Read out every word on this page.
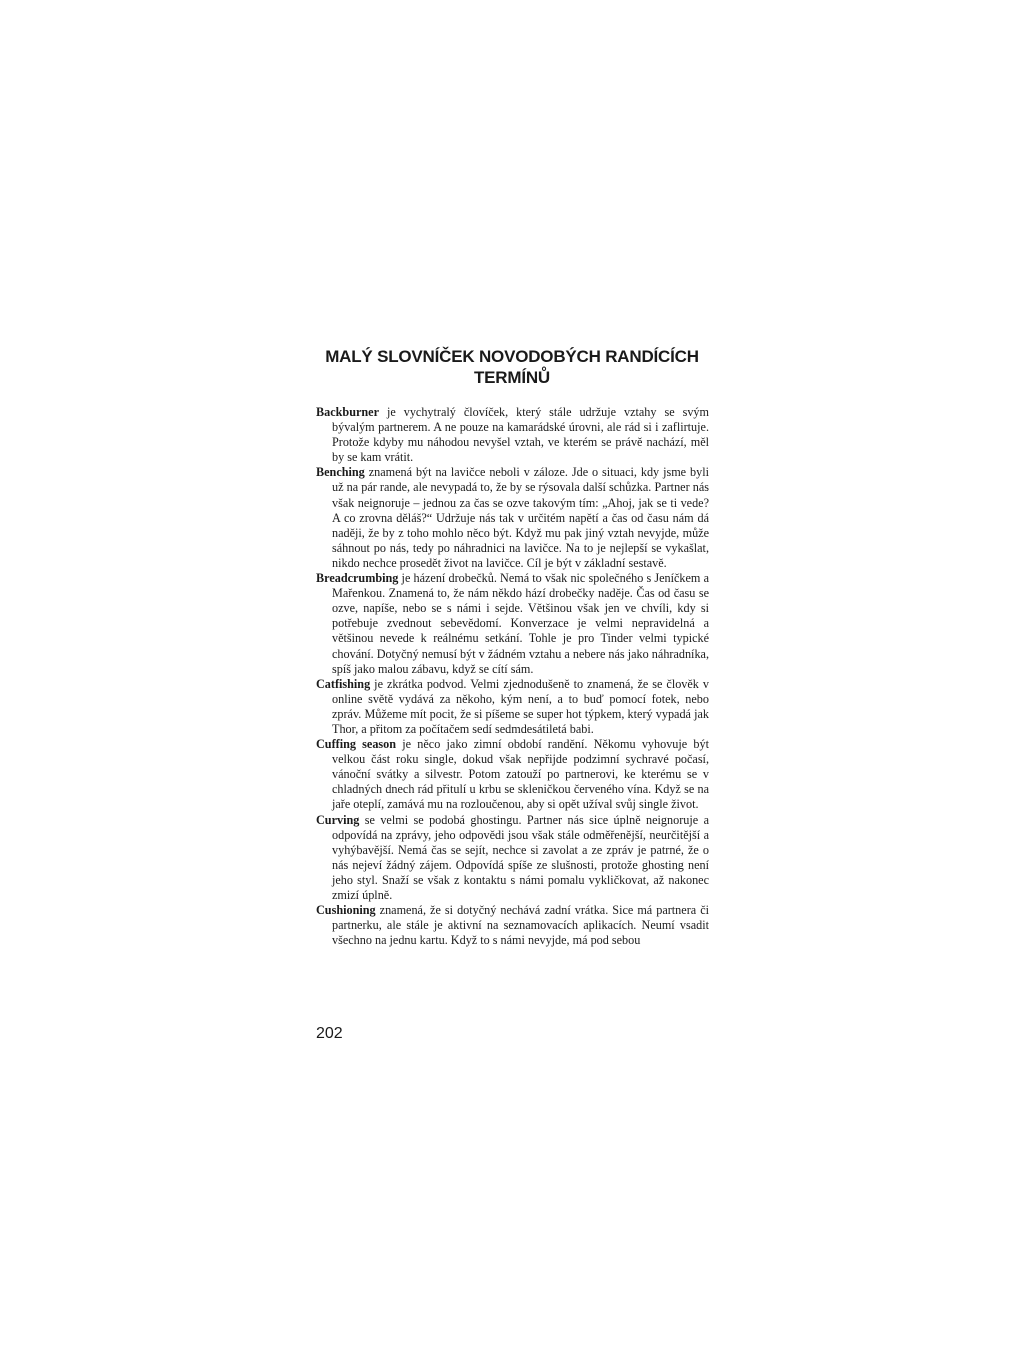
MALÝ SLOVNÍČEK NOVODOBÝCH RANDÍCÍCH
TERMÍNŮ

Backburner je vychytralý človíček, který stále udržuje vztahy se svým bývalým partnerem. A ne pouze na kamarádské úrovni, ale rád si i zaflirtuje. Protože kdyby mu náhodou nevyšel vztah, ve kterém se právě nachází, měl by se kam vrátit.

Benching znamená být na lavičce neboli v záloze. Jde o situaci, kdy jsme byli už na pár rande, ale nevypadá to, že by se rýsovala další schůzka. Partner nás však neignoruje – jednou za čas se ozve takovým tím: „Ahoj, jak se ti vede? A co zrovna děláš?“ Udržuje nás tak v určitém napětí a čas od času nám dá naději, že by z toho mohlo něco být. Když mu pak jiný vztah nevyjde, může sáhnout po nás, tedy po náhradnici na lavičce. Na to je nejlepší se vykašlat, nikdo nechce prosedět život na lavičce. Cíl je být v základní sestavě.

Breadcrumbing je házení drobečků. Nemá to však nic společného s Jeníčkem a Mařenkou. Znamená to, že nám někdo hází drobečky naděje. Čas od času se ozve, napíše, nebo se s námi i sejde. Většinou však jen ve chvíli, kdy si potřebuje zvednout sebevědomí. Konverzace je velmi nepravidelná a většinou nevede k reálnému setkání. Tohle je pro Tinder velmi typické chování. Dotyčný nemusí být v žádném vztahu a nebere nás jako náhradníka, spíš jako malou zábavu, když se cítí sám.

Catfishing je zkrátka podvod. Velmi zjednodušeně to znamená, že se člověk v online světě vydává za někoho, kým není, a to buď pomocí fotek, nebo zpráv. Můžeme mít pocit, že si píšeme se super hot týpkem, který vypadá jak Thor, a přitom za počítačem sedí sedmdesátiletá babi.

Cuffing season je něco jako zimní období randění. Někomu vyhovuje být velkou část roku single, dokud však nepřijde podzimní sychravé počasí, vánoční svátky a silvestr. Potom zatouží po partnerovi, ke kterému se v chladných dnech rád přitulí u krbu se skleničkou červeného vína. Když se na jaře oteplí, zamává mu na rozloučenou, aby si opět užíval svůj single život.

Curving se velmi se podobá ghostingu. Partner nás sice úplně neignoruje a odpovídá na zprávy, jeho odpovědi jsou však stále odměřenější, neurčitější a vyhýbavější. Nemá čas se sejít, nechce si zavolat a ze zpráv je patrné, že o nás nejeví žádný zájem. Odpovídá spíše ze slušnosti, protože ghosting není jeho styl. Snaží se však z kontaktu s námi pomalu vykličkovat, až nakonec zmizí úplně.

Cushioning znamená, že si dotyčný nechává zadní vrátka. Sice má partnera či partnerku, ale stále je aktivní na seznamovacích aplikacích. Neumí vsadit všechno na jednu kartu. Když to s námi nevyjde, má pod sebou

202
